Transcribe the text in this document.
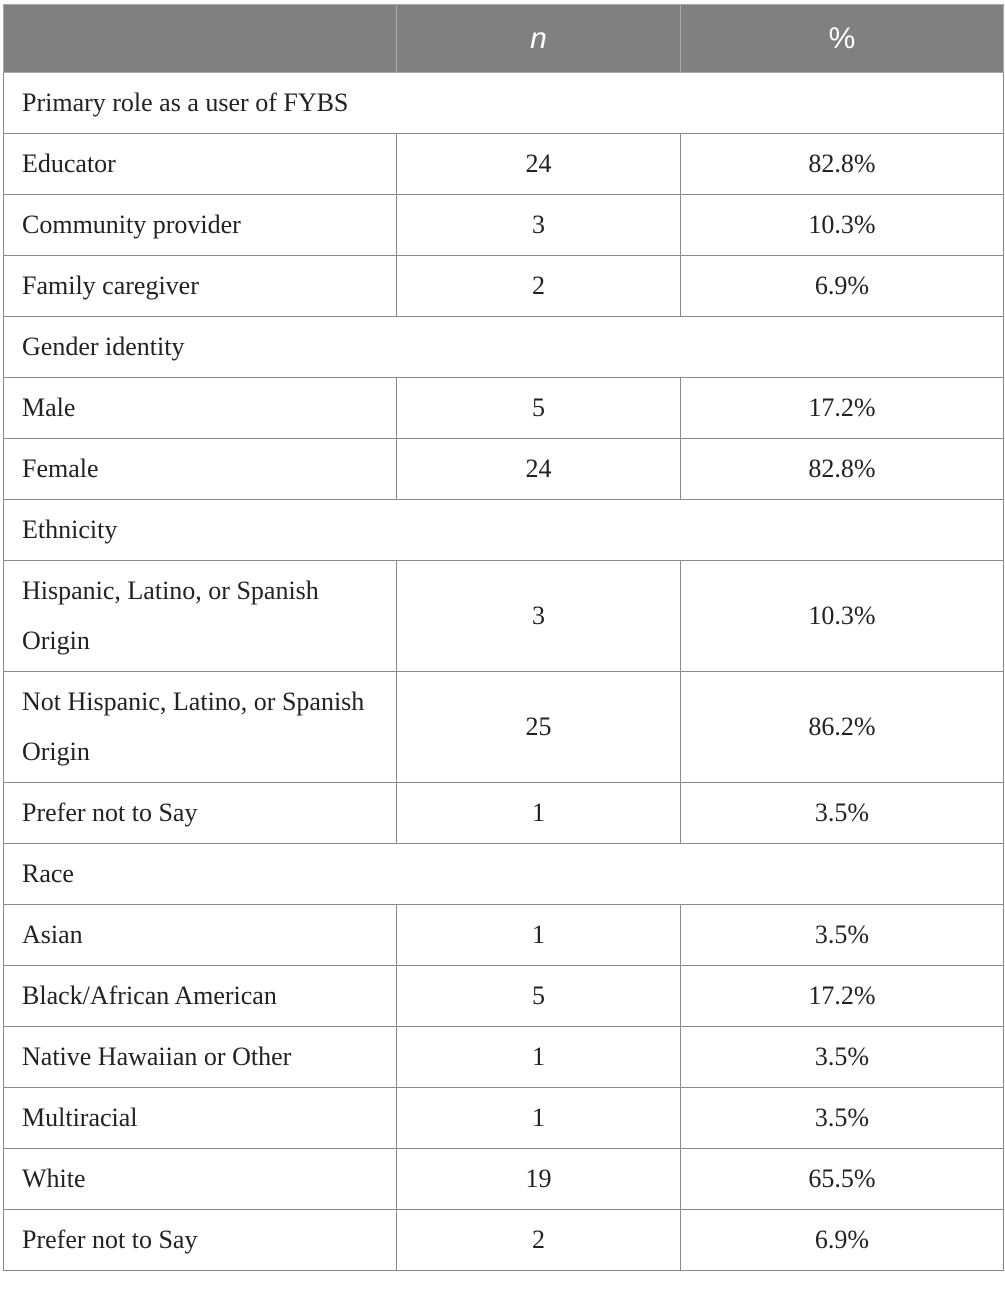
	n	%
Primary role as a user of FYBS		
Educator	24	82.8%
Community provider	3	10.3%
Family caregiver	2	6.9%
Gender identity		
Male	5	17.2%
Female	24	82.8%
Ethnicity		
Hispanic, Latino, or Spanish Origin	3	10.3%
Not Hispanic, Latino, or Spanish Origin	25	86.2%
Prefer not to Say	1	3.5%
Race		
Asian	1	3.5%
Black/African American	5	17.2%
Native Hawaiian or Other	1	3.5%
Multiracial	1	3.5%
White	19	65.5%
Prefer not to Say	2	6.9%
